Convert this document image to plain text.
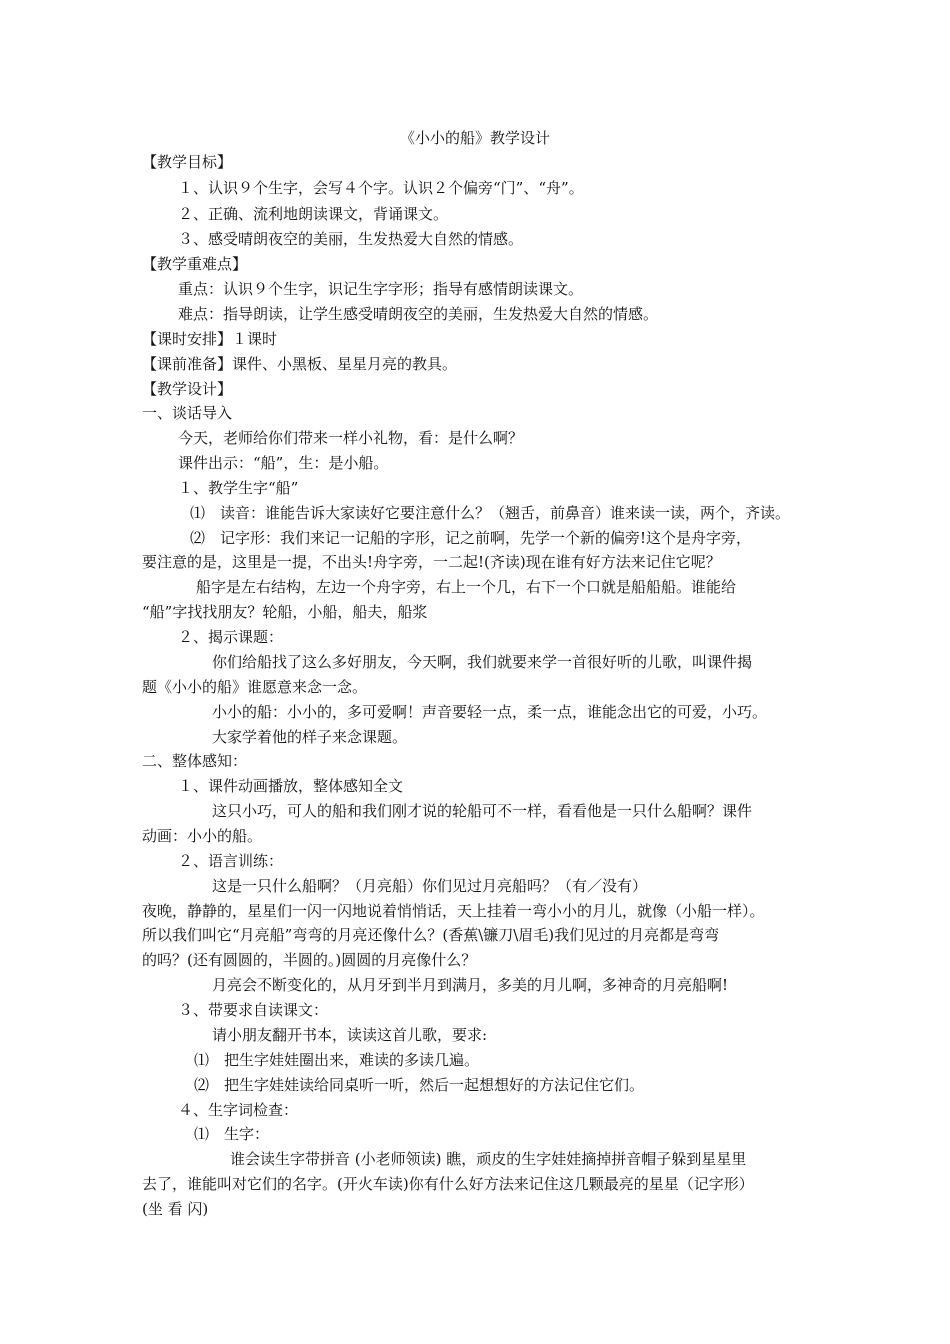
《小小的船》教学设计
【教学目标】
１、认识９个生字，会写４个字。认识２个偏旁“门”、“舟”。
２、正确、流利地朗读课文，背诵课文。
３、感受晴朗夜空的美丽，生发热爱大自然的情感。
【教学重难点】
重点：认识９个生字，识记生字字形；指导有感情朗读课文。
难点：指导朗读，让学生感受晴朗夜空的美丽，生发热爱大自然的情感。
【课时安排】１课时
【课前准备】课件、小黑板、星星月亮的教具。
【教学设计】
一、谈话导入
今天，老师给你们带来一样小礼物，看：是什么啊？
课件出示：“船”，生：是小船。
１、教学生字“船”
⑴　读音：谁能告诉大家读好它要注意什么？（翘舌，前鼻音）谁来读一读，两个，齐读。
⑵　记字形：我们来记一记船的字形，记之前啊，先学一个新的偏旁!这个是舟字旁，
要注意的是，这里是一提，不出头!舟字旁，一二起!(齐读)现在谁有好方法来记住它呢？
船字是左右结构，左边一个舟字旁，右上一个几，右下一个口就是船船船。谁能给
“船”字找找朋友？轮船，小船，船夫，船浆
２、揭示课题：
你们给船找了这么多好朋友，今天啊，我们就要来学一首很好听的儿歌，叫课件揭
题《小小的船》谁愿意来念一念。
小小的船：小小的，多可爱啊！声音要轻一点，柔一点，谁能念出它的可爱，小巧。
大家学着他的样子来念课题。
二、整体感知：
１、课件动画播放，整体感知全文
这只小巧，可人的船和我们刚才说的轮船可不一样，看看他是一只什么船啊？课件
动画：小小的船。
２、语言训练：
这是一只什么船啊？（月亮船）你们见过月亮船吗？（有／没有）
夜晚，静静的，星星们一闪一闪地说着悄悄话，天上挂着一弯小小的月儿，就像（小船一样）。
所以我们叫它“月亮船”弯弯的月亮还像什么？(香蕉\镰刀\眉毛)我们见过的月亮都是弯弯
的吗？(还有圆圆的，半圆的。)圆圆的月亮像什么？
月亮会不断变化的，从月牙到半月到满月，多美的月儿啊，多神奇的月亮船啊!
３、带要求自读课文：
请小朋友翻开书本，读读这首儿歌，要求:
⑴　把生字娃娃圈出来，难读的多读几遍。
⑵　把生字娃娃读给同桌听一听，然后一起想想好的方法记住它们。
４、生字词检查：
⑴　生字：
谁会读生字带拼音 (小老师领读) 瞧，顽皮的生字娃娃摘掉拼音帽子躲到星星里
去了，谁能叫对它们的名字。(开火车读)你有什么好方法来记住这几颗最亮的星星（记字形）
(坐 看 闪)
